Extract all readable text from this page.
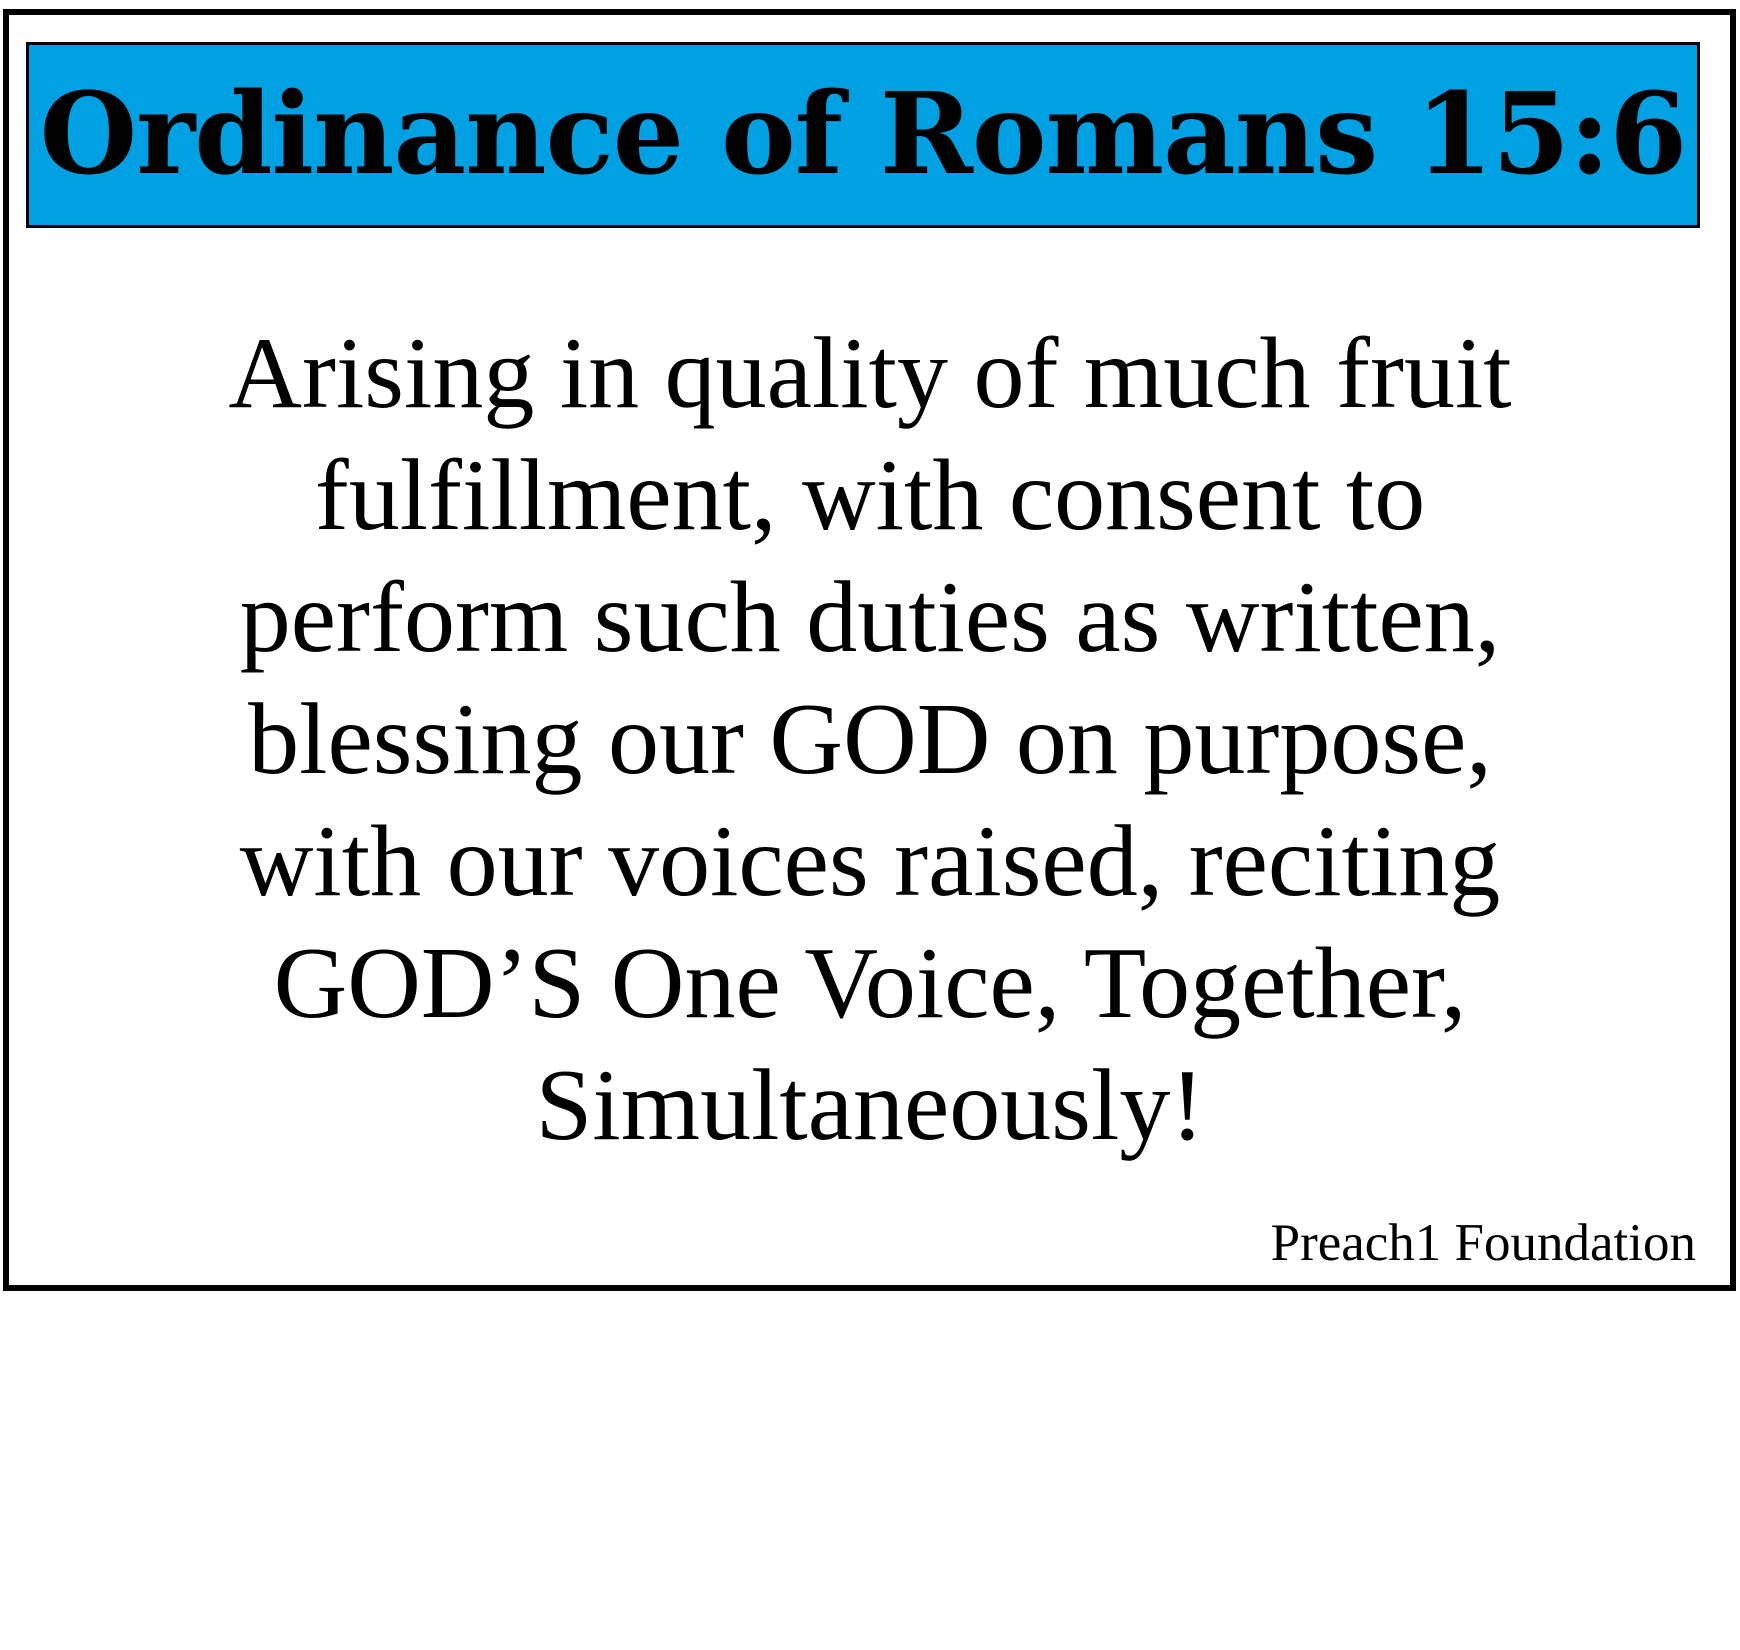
Ordinance of Romans 15:6
Arising in quality of much fruit
fulfillment, with consent to
perform such duties as written,
blessing our GOD on purpose,
with our voices raised, reciting
GOD’S One Voice, Together,
Simultaneously!
Preach1 Foundation
